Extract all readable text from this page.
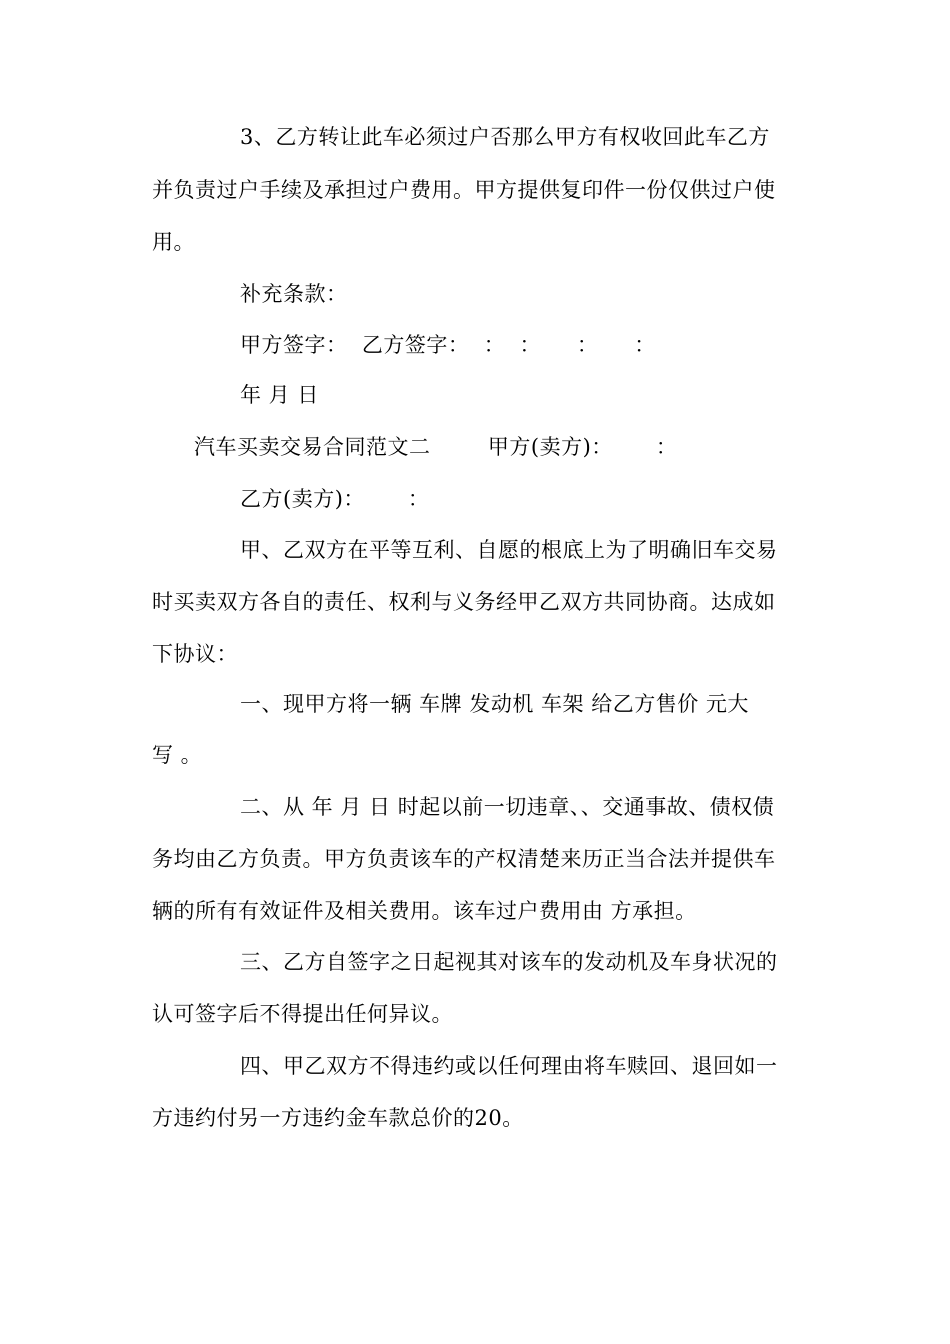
3、乙方转让此车必须过户否那么甲方有权收回此车乙方
并负责过户手续及承担过户费用。甲方提供复印件一份仅供过户使
用。
补充条款：
甲方签字：  乙方签字：  ：  ：     ：     ：
年 月 日
汽车买卖交易合同范文二        甲方(卖方)：      ：
乙方(卖方)：      ：
甲、乙双方在平等互利、自愿的根底上为了明确旧车交易
时买卖双方各自的责任、权利与义务经甲乙双方共同协商。达成如
下协议：
一、现甲方将一辆 车牌 发动机 车架 给乙方售价 元大
写 。
二、从 年 月 日 时起以前一切违章、、交通事故、债权债
务均由乙方负责。甲方负责该车的产权清楚来历正当合法并提供车
辆的所有有效证件及相关费用。该车过户费用由 方承担。
三、乙方自签字之日起视其对该车的发动机及车身状况的
认可签字后不得提出任何异议。
四、甲乙双方不得违约或以任何理由将车赎回、退回如一
方违约付另一方违约金车款总价的20。
